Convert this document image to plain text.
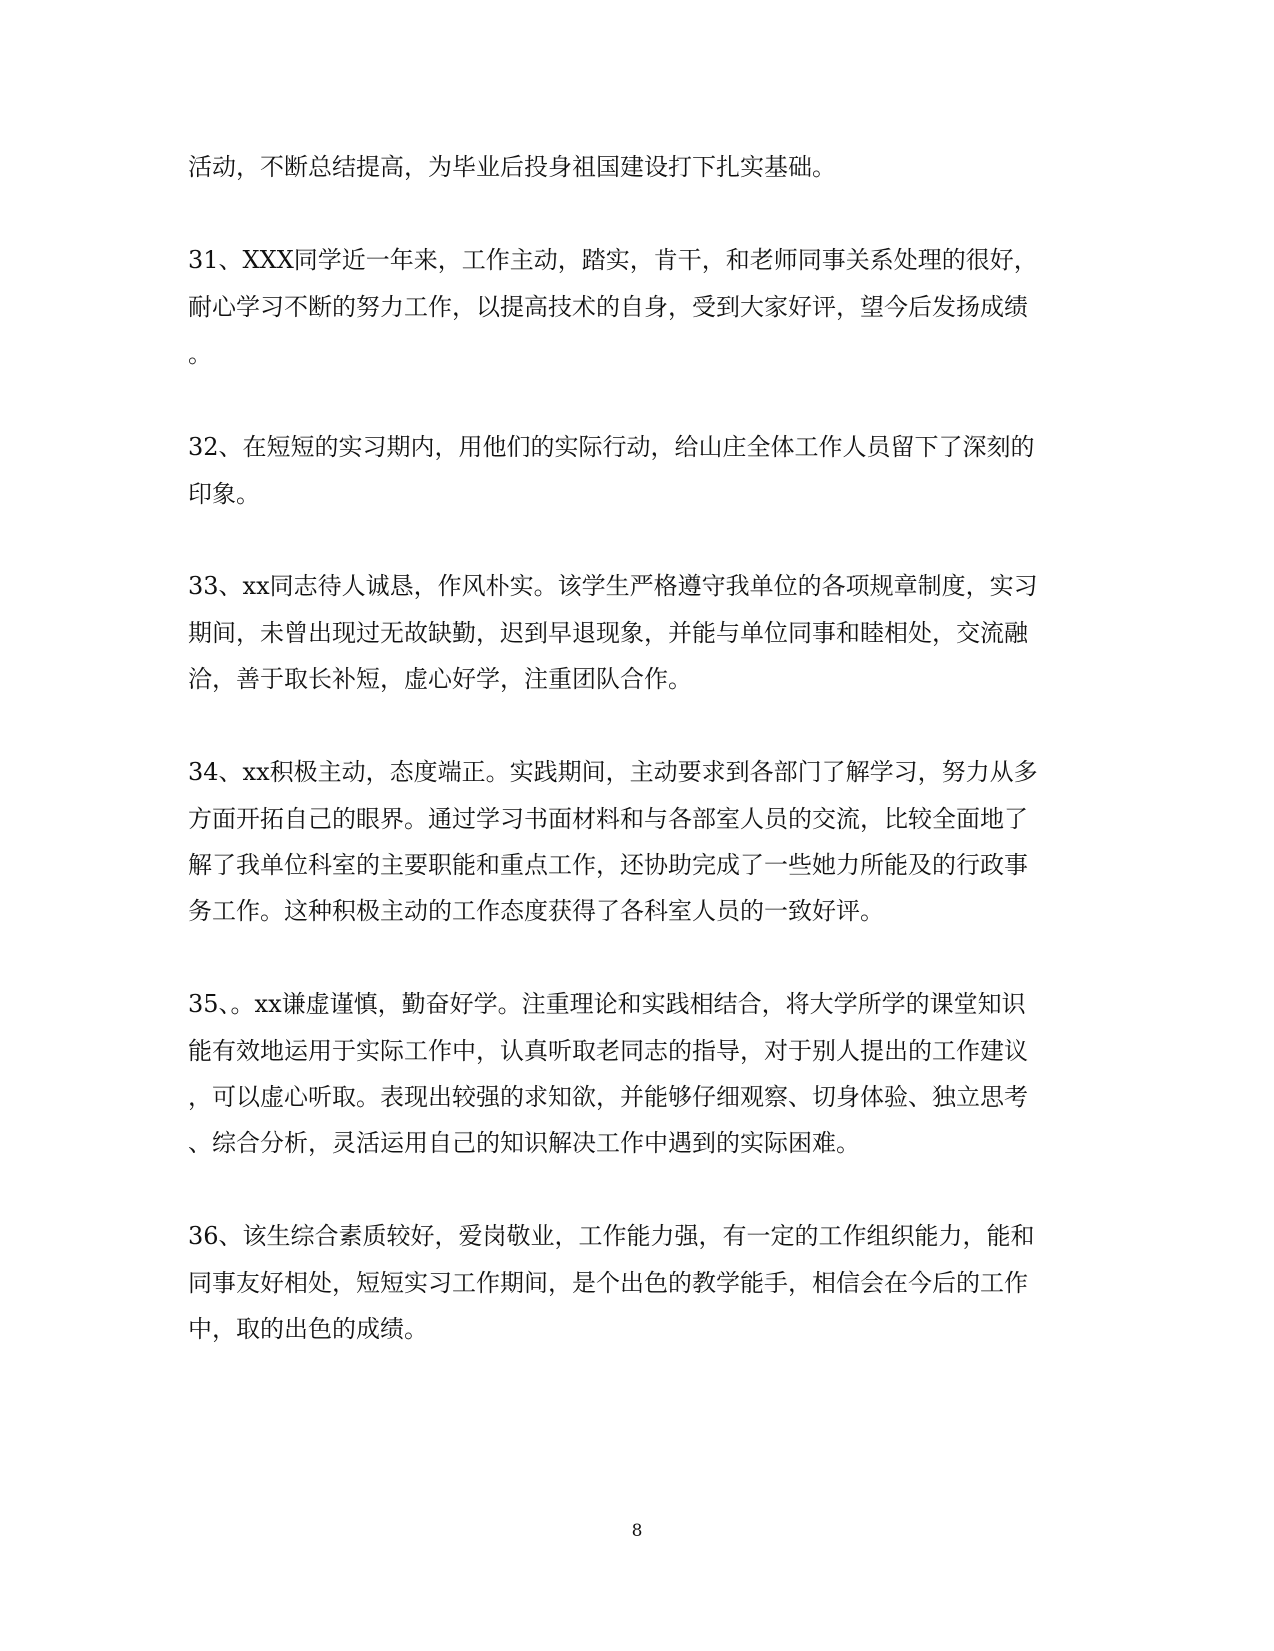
活动，不断总结提高，为毕业后投身祖国建设打下扎实基础。
31、XXX同学近一年来，工作主动，踏实，肯干，和老师同事关系处理的很好，
耐心学习不断的努力工作，以提高技术的自身，受到大家好评，望今后发扬成绩
。
32、在短短的实习期内，用他们的实际行动，给山庄全体工作人员留下了深刻的
印象。
33、xx同志待人诚恳，作风朴实。该学生严格遵守我单位的各项规章制度，实习
期间，未曾出现过无故缺勤，迟到早退现象，并能与单位同事和睦相处，交流融
洽，善于取长补短，虚心好学，注重团队合作。
34、xx积极主动，态度端正。实践期间，主动要求到各部门了解学习，努力从多
方面开拓自己的眼界。通过学习书面材料和与各部室人员的交流，比较全面地了
解了我单位科室的主要职能和重点工作，还协助完成了一些她力所能及的行政事
务工作。这种积极主动的工作态度获得了各科室人员的一致好评。
35、。xx谦虚谨慎，勤奋好学。注重理论和实践相结合，将大学所学的课堂知识
能有效地运用于实际工作中，认真听取老同志的指导，对于别人提出的工作建议
，可以虚心听取。表现出较强的求知欲，并能够仔细观察、切身体验、独立思考
、综合分析，灵活运用自己的知识解决工作中遇到的实际困难。
36、该生综合素质较好，爱岗敬业，工作能力强，有一定的工作组织能力，能和
同事友好相处，短短实习工作期间，是个出色的教学能手，相信会在今后的工作
中，取的出色的成绩。
8
